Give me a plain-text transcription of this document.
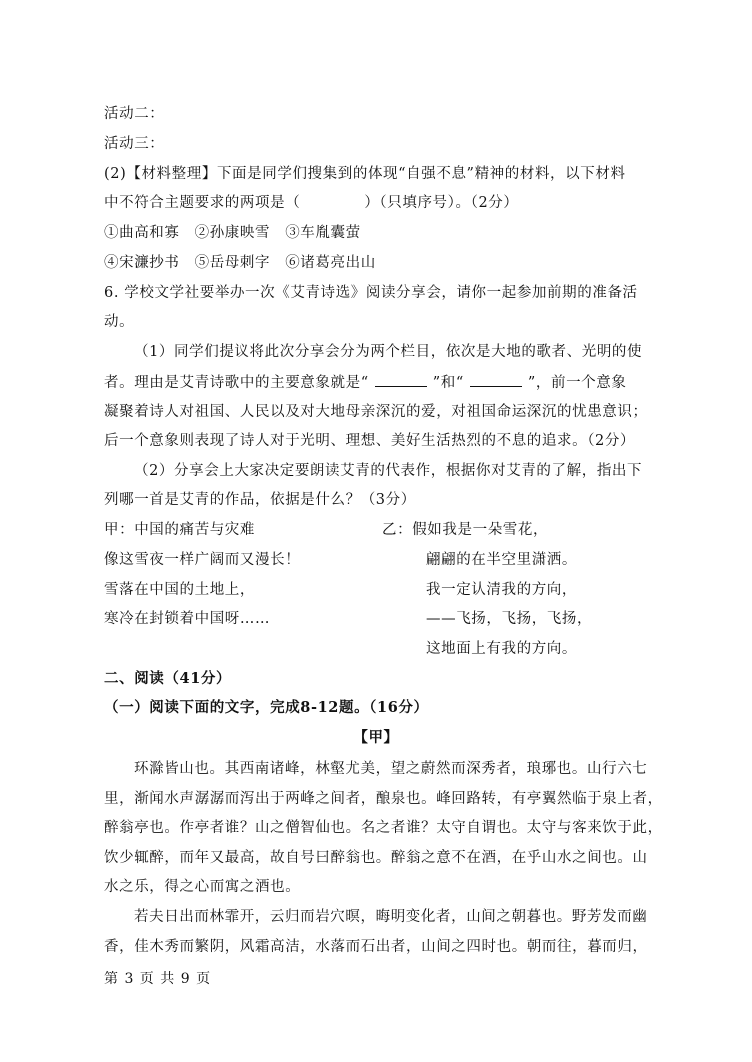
活动二：
活动三：
(2)【材料整理】下面是同学们搜集到的体现“自强不息”精神的材料，以下材料
中不符合主题要求的两项是（	）（只填序号）。（2分）
①曲高和寡　②孙康映雪　③车胤囊萤
④宋濂抄书　⑤岳母刺字　⑥诸葛亮出山
6. 学校文学社要举办一次《艾青诗选》阅读分享会，请你一起参加前期的准备活
动。
（1）同学们提议将此次分享会分为两个栏目，依次是大地的歌者、光明的使
者。理由是艾青诗歌中的主要意象就是“	”和“	”，前一个意象
凝聚着诗人对祖国、人民以及对大地母亲深沉的爱，对祖国命运深沉的忧患意识；
后一个意象则表现了诗人对于光明、理想、美好生活热烈的不息的追求。（2分）
（2）分享会上大家决定要朗读艾青的代表作，根据你对艾青的了解，指出下
列哪一首是艾青的作品，依据是什么？（3分）
甲：中国的痛苦与灾难
像这雪夜一样广阔而又漫长！
雪落在中国的土地上，
寒冷在封锁着中国呀……
乙：假如我是一朵雪花，
翩翩的在半空里潇洒。
我一定认清我的方向，
——飞扬，飞扬，飞扬，
这地面上有我的方向。
二、阅读（41分）
（一）阅读下面的文字，完成8-12题。（16分）
【甲】
环滁皆山也。其西南诸峰，林壑尤美，望之蔚然而深秀者，琅琊也。山行六七
里，渐闻水声潺潺而泻出于两峰之间者，酿泉也。峰回路转，有亭翼然临于泉上者，
醉翁亭也。作亭者谁？山之僧智仙也。名之者谁？太守自谓也。太守与客来饮于此，
饮少辄醉，而年又最高，故自号曰醉翁也。醉翁之意不在酒，在乎山水之间也。山
水之乐，得之心而寓之酒也。
若夫日出而林霏开，云归而岩穴暝，晦明变化者，山间之朝暮也。野芳发而幽
香，佳木秀而繁阴，风霜高洁，水落而石出者，山间之四时也。朝而往，暮而归，
第 3 页 共 9 页
